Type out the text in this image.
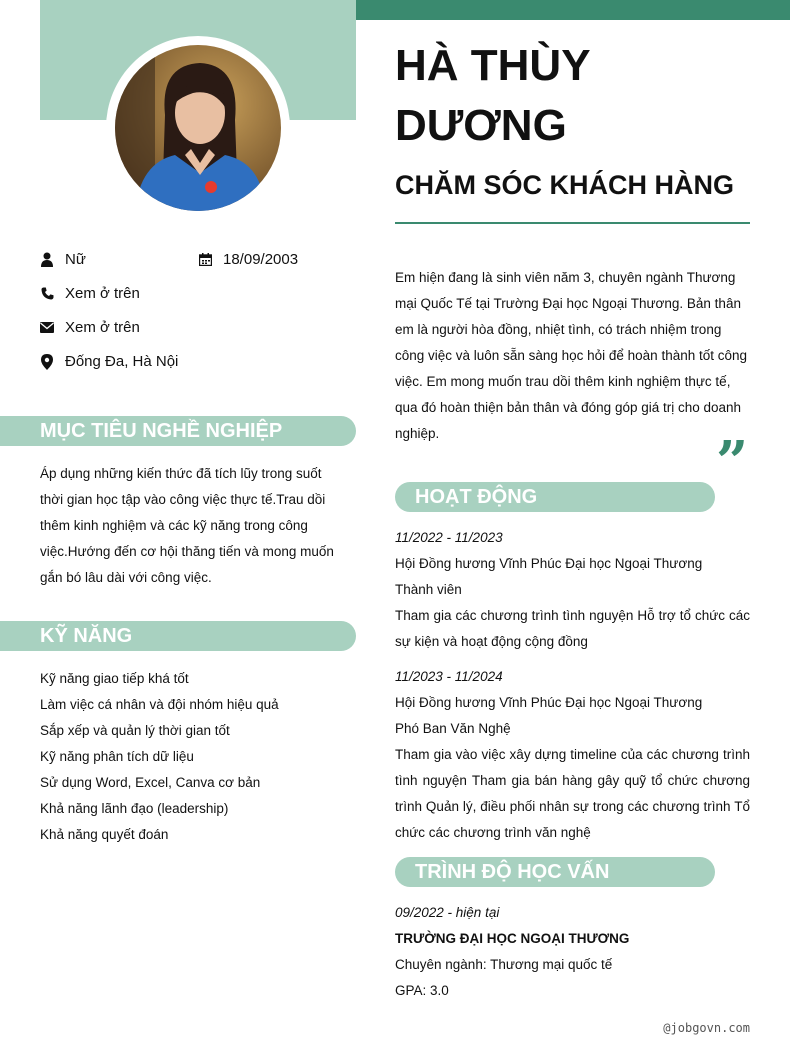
HÀ THÙY DƯƠNG
CHĂM SÓC KHÁCH HÀNG
Nữ	18/09/2003
Xem ở trên
Xem ở trên
Đống Đa, Hà Nội
Em hiện đang là sinh viên năm 3, chuyên ngành Thương mại Quốc Tế tại Trường Đại học Ngoại Thương. Bản thân em là người hòa đồng, nhiệt tình, có trách nhiệm trong công việc và luôn sẵn sàng học hỏi để hoàn thành tốt công việc. Em mong muốn trau dồi thêm kinh nghiệm thực tế, qua đó hoàn thiện bản thân và đóng góp giá trị cho doanh nghiệp.	”
MỤC TIÊU NGHỀ NGHIỆP
Áp dụng những kiến thức đã tích lũy trong suốt thời gian học tập vào công việc thực tế.Trau dồi thêm kinh nghiệm và các kỹ năng trong công việc.Hướng đến cơ hội thăng tiến và mong muốn gắn bó lâu dài với công việc.
KỸ NĂNG
Kỹ năng giao tiếp khá tốt
Làm việc cá nhân và đội nhóm hiệu quả
Sắp xếp và quản lý thời gian tốt
Kỹ năng phân tích dữ liệu
Sử dụng Word, Excel, Canva cơ bản
Khả năng lãnh đạo (leadership)
Khả năng quyết đoán
HOẠT ĐỘNG
11/2022 - 11/2023
Hội Đồng hương Vĩnh Phúc Đại học Ngoại Thương
Thành viên
Tham gia các chương trình tình nguyện Hỗ trợ tổ chức các sự kiện và hoạt động cộng đồng
11/2023 - 11/2024
Hội Đồng hương Vĩnh Phúc Đại học Ngoại Thương
Phó Ban Văn Nghệ
Tham gia vào việc xây dựng timeline của các chương trình tình nguyện Tham gia bán hàng gây quỹ tổ chức chương trình Quản lý, điều phối nhân sự trong các chương trình Tổ chức các chương trình văn nghệ
TRÌNH ĐỘ HỌC VẤN
09/2022 - hiện tại
TRƯỜNG ĐẠI HỌC NGOẠI THƯƠNG
Chuyên ngành: Thương mại quốc tế
GPA: 3.0
@jobgovn.com
